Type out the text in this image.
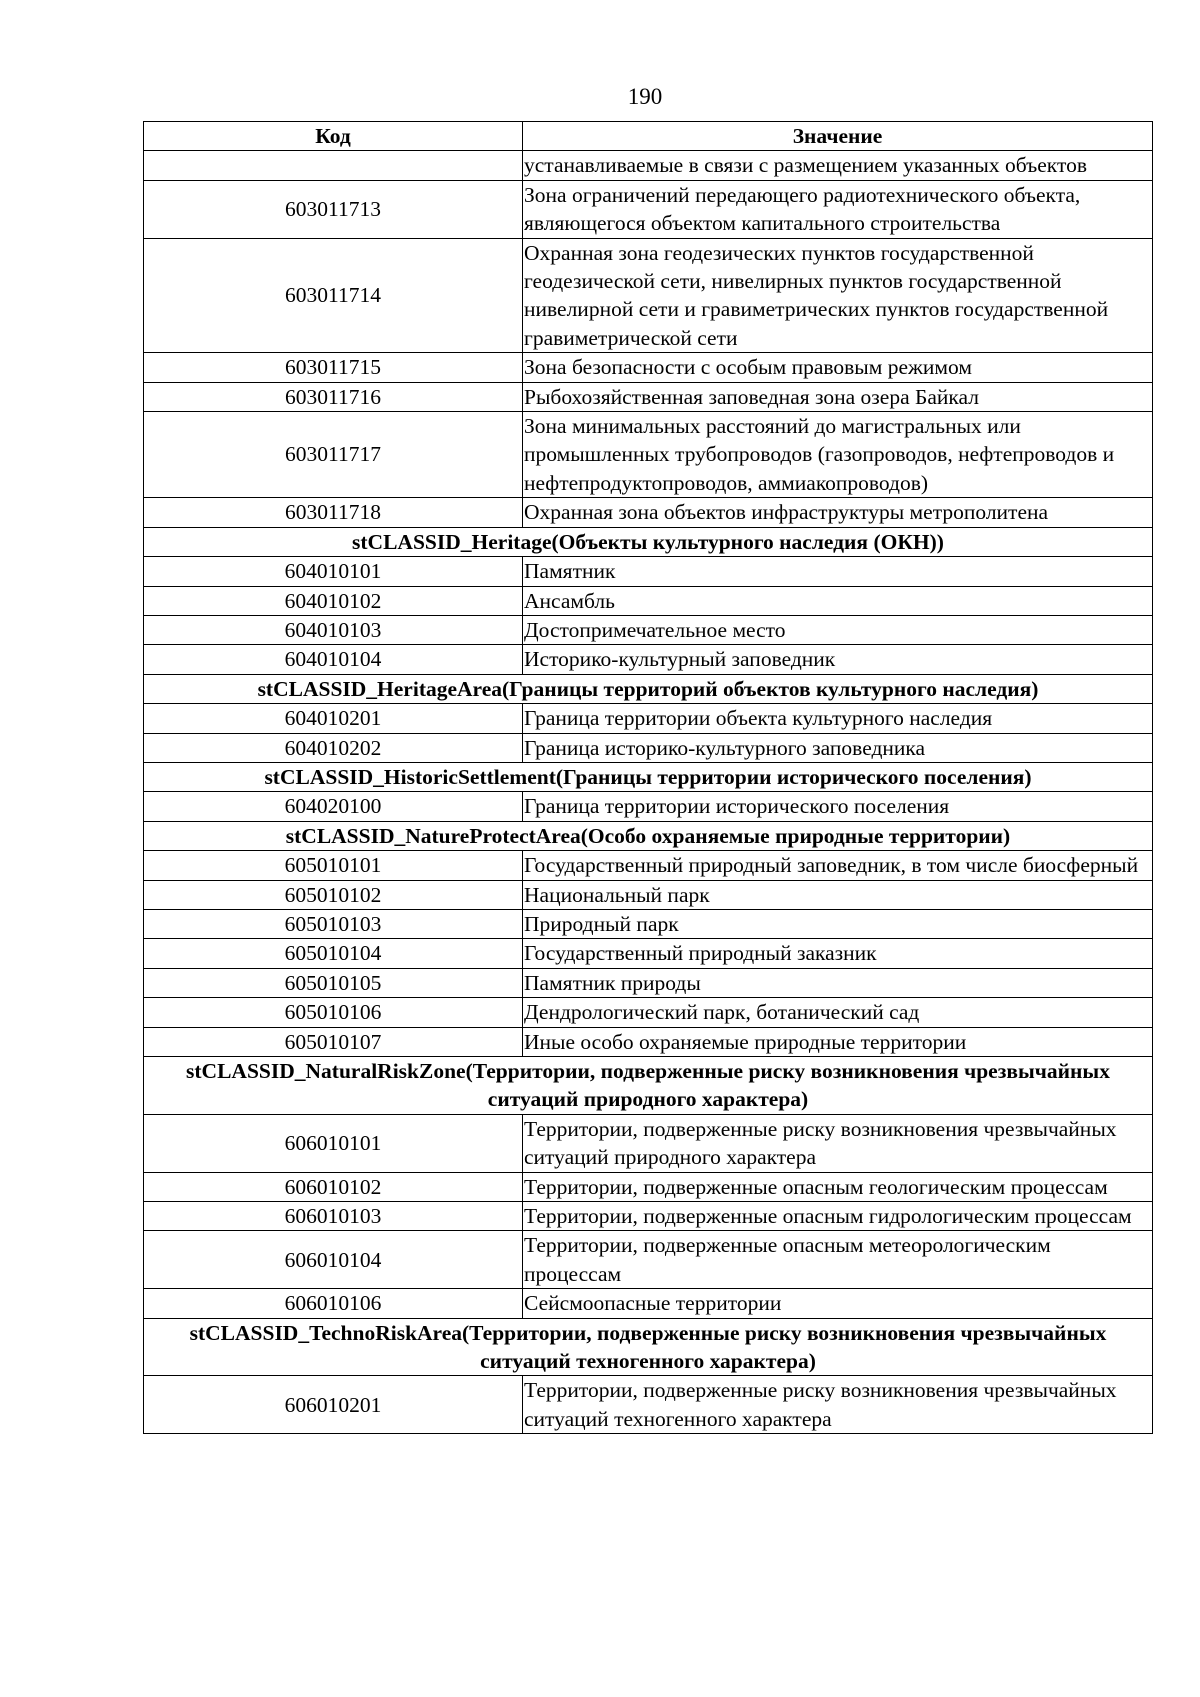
190
Код	Значение
	устанавливаемые в связи с размещением указанных объектов
603011713	Зона ограничений передающего радиотехнического объекта, являющегося объектом капитального строительства
603011714	Охранная зона геодезических пунктов государственной геодезической сети, нивелирных пунктов государственной нивелирной сети и гравиметрических пунктов государственной гравиметрической сети
603011715	Зона безопасности с особым правовым режимом
603011716	Рыбохозяйственная заповедная зона озера Байкал
603011717	Зона минимальных расстояний до магистральных или промышленных трубопроводов (газопроводов, нефтепроводов и нефтепродуктопроводов, аммиакопроводов)
603011718	Охранная зона объектов инфраструктуры метрополитена
stCLASSID_Heritage(Объекты культурного наследия (ОКН))	
604010101	Памятник
604010102	Ансамбль
604010103	Достопримечательное место
604010104	Историко-культурный заповедник
stCLASSID_HeritageArea(Границы территорий объектов культурного наследия)	
604010201	Граница территории объекта культурного наследия
604010202	Граница историко-культурного заповедника
stCLASSID_HistoricSettlement(Границы территории исторического поселения)	
604020100	Граница территории исторического поселения
stCLASSID_NatureProtectArea(Особо охраняемые природные территории)	
605010101	Государственный природный заповедник, в том числе биосферный
605010102	Национальный парк
605010103	Природный парк
605010104	Государственный природный заказник
605010105	Памятник природы
605010106	Дендрологический парк, ботанический сад
605010107	Иные особо охраняемые природные территории
stCLASSID_NaturalRiskZone(Территории, подверженные риску возникновения чрезвычайных ситуаций природного характера)	
606010101	Территории, подверженные риску возникновения чрезвычайных ситуаций природного характера
606010102	Территории, подверженные опасным геологическим процессам
606010103	Территории, подверженные опасным гидрологическим процессам
606010104	Территории, подверженные опасным метеорологическим процессам
606010106	Сейсмоопасные территории
stCLASSID_TechnoRiskArea(Территории, подверженные риску возникновения чрезвычайных ситуаций техногенного характера)	
606010201	Территории, подверженные риску возникновения чрезвычайных ситуаций техногенного характера
